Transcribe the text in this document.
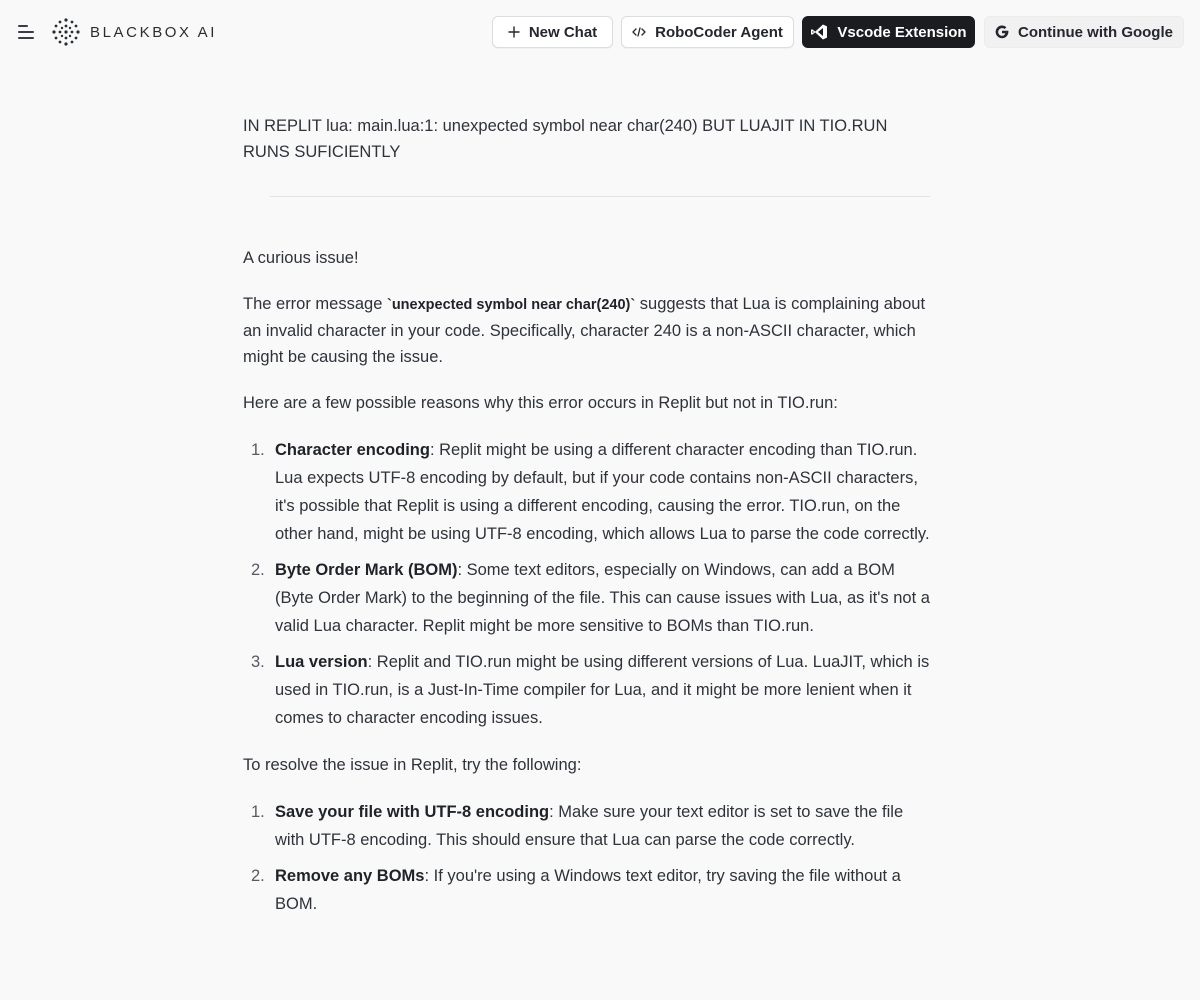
BLACKBOX AI	New Chat	RoboCoder Agent	Vscode Extension	Continue with Google
IN REPLIT lua: main.lua:1: unexpected symbol near char(240) BUT LUAJIT IN TIO.RUN RUNS SUFICIENTLY

A curious issue!

The error message `unexpected symbol near char(240)` suggests that Lua is complaining about an invalid character in your code. Specifically, character 240 is a non-ASCII character, which might be causing the issue.

Here are a few possible reasons why this error occurs in Replit but not in TIO.run:

1. Character encoding: Replit might be using a different character encoding than TIO.run. Lua expects UTF-8 encoding by default, but if your code contains non-ASCII characters, it's possible that Replit is using a different encoding, causing the error. TIO.run, on the other hand, might be using UTF-8 encoding, which allows Lua to parse the code correctly.
2. Byte Order Mark (BOM): Some text editors, especially on Windows, can add a BOM (Byte Order Mark) to the beginning of the file. This can cause issues with Lua, as it's not a valid Lua character. Replit might be more sensitive to BOMs than TIO.run.
3. Lua version: Replit and TIO.run might be using different versions of Lua. LuaJIT, which is used in TIO.run, is a Just-In-Time compiler for Lua, and it might be more lenient when it comes to character encoding issues.

To resolve the issue in Replit, try the following:

1. Save your file with UTF-8 encoding: Make sure your text editor is set to save the file with UTF-8 encoding. This should ensure that Lua can parse the code correctly.
2. Remove any BOMs: If you're using a Windows text editor, try saving the file without a BOM.
